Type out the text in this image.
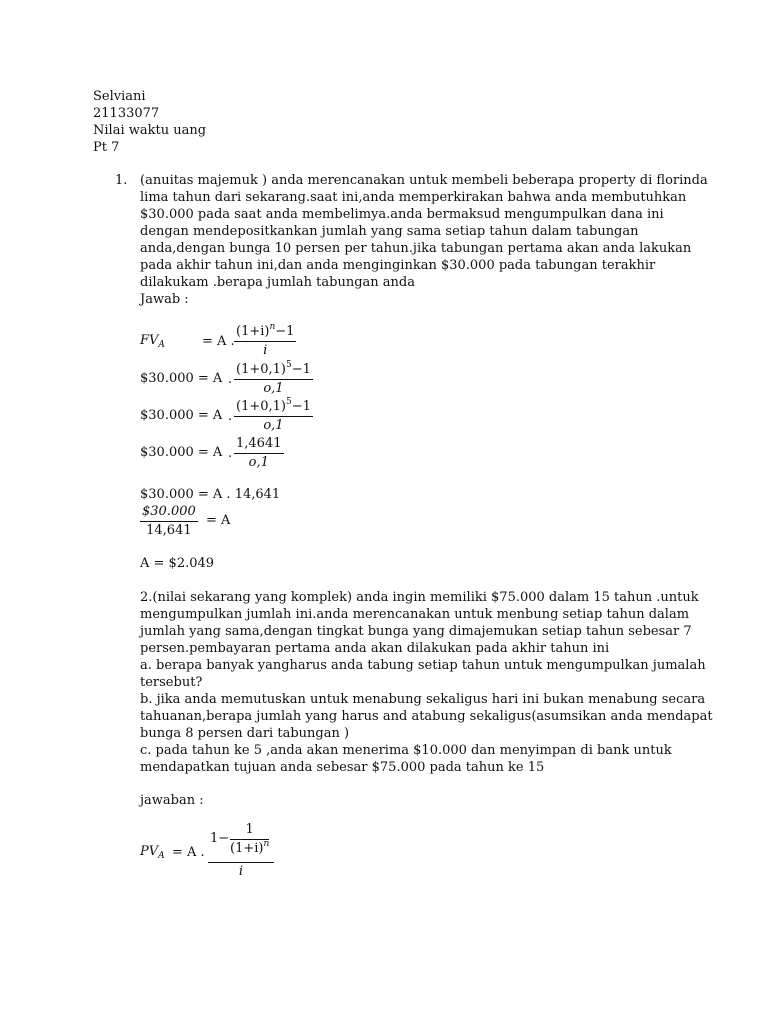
Selviani
21133077
Nilai waktu uang
Pt 7
1. (anuitas majemuk ) anda merencanakan untuk membeli beberapa property di florinda
lima tahun dari sekarang.saat ini,anda memperkirakan bahwa anda membutuhkan
$30.000 pada saat anda membelimya.anda bermaksud mengumpulkan dana ini
dengan mendepositkankan jumlah yang sama setiap tahun dalam tabungan
anda,dengan bunga 10 persen per tahun.jika tabungan pertama akan anda lakukan
pada akhir tahun ini,dan anda menginginkan $30.000 pada tabungan terakhir
dilakukam .berapa jumlah tabungan anda
Jawab :
$FV_A$	= A . $\frac{(1+i)^n-1}{i}$
$30.000 = A . $\frac{(1+0,1)^5-1}{o,1}$
$30.000 = A . $\frac{(1+0,1)^5-1}{o,1}$
$30.000 = A . $\frac{1,4641}{o,1}$
$30.000 = A . 14,641
$\frac{\$30.000}{14,641} = A$
A = $2.049
2.(nilai sekarang yang komplek) anda ingin memiliki $75.000 dalam 15 tahun .untuk
mengumpulkan jumlah ini.anda merencanakan untuk menbung setiap tahun dalam
jumlah yang sama,dengan tingkat bunga yang dimajemukan setiap tahun sebesar 7
persen.pembayaran pertama anda akan dilakukan pada akhir tahun ini
a. berapa banyak yangharus anda tabung setiap tahun untuk mengumpulkan jumalah
tersebut?
b. jika anda memutuskan untuk menabung sekaligus hari ini bukan menabung secara
tahuanan,berapa jumlah yang harus and atabung sekaligus(asumsikan anda mendapat
bunga 8 persen dari tabungan )
c. pada tahun ke 5 ,anda akan menerima $10.000 dan menyimpan di bank untuk
mendapatkan tujuan anda sebesar $75.000 pada tahun ke 15
jawaban :
$PV_A = A$ .
$1- \frac{1}{(1+i)^n}$
i
